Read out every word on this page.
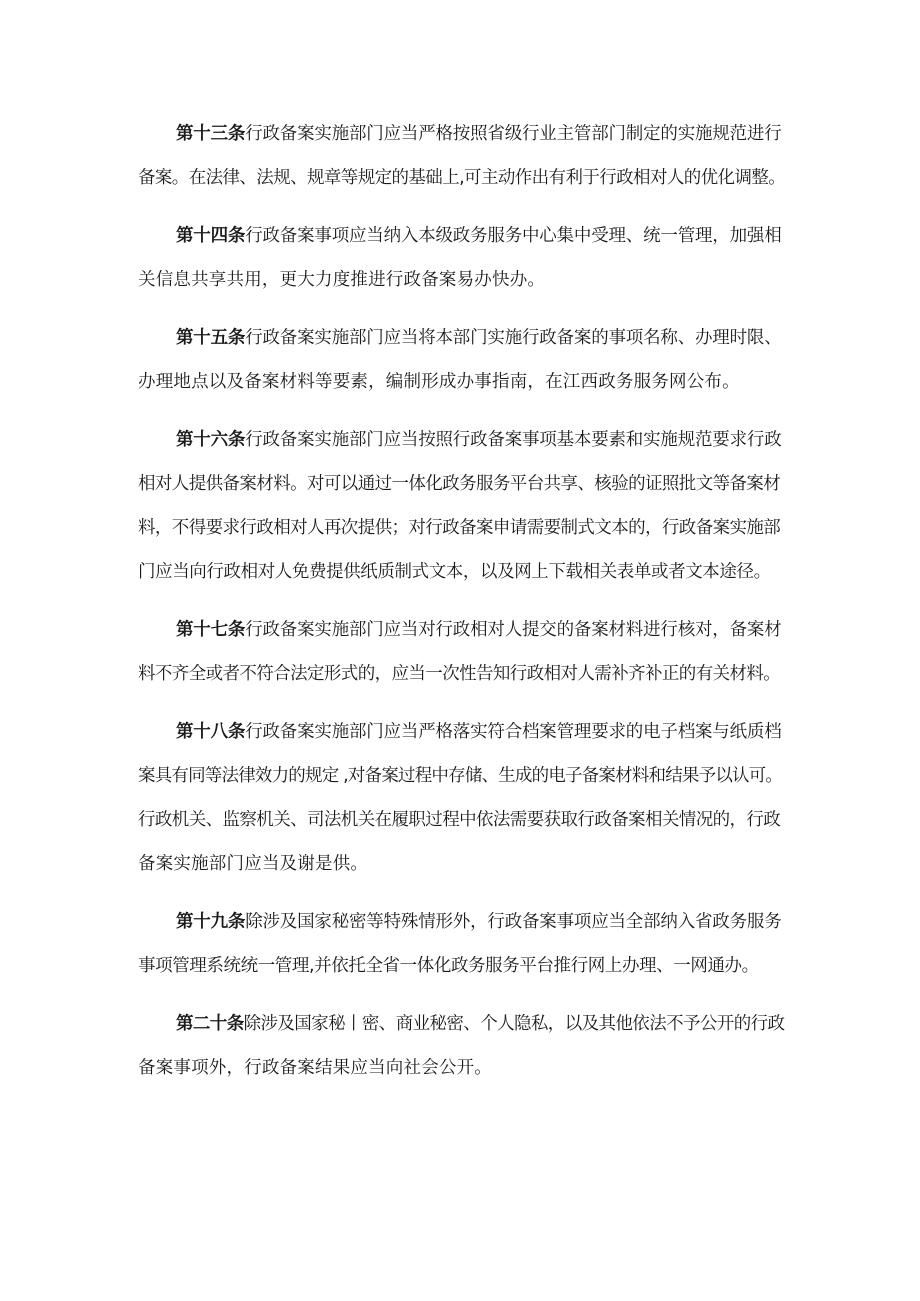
第十三条行政备案实施部门应当严格按照省级行业主管部门制定的实施规范进行
备案。在法律、法规、规章等规定的基础上,可主动作出有利于行政相对人的优化调整。
第十四条行政备案事项应当纳入本级政务服务中心集中受理、统一管理，加强相
关信息共享共用，更大力度推进行政备案易办快办。
第十五条行政备案实施部门应当将本部门实施行政备案的事项名称、办理时限、
办理地点以及备案材料等要素，编制形成办事指南，在江西政务服务网公布。
第十六条行政备案实施部门应当按照行政备案事项基本要素和实施规范要求行政
相对人提供备案材料。对可以通过一体化政务服务平台共享、核验的证照批文等备案材
料，不得要求行政相对人再次提供；对行政备案申请需要制式文本的，行政备案实施部
门应当向行政相对人免费提供纸质制式文本，以及网上下载相关表单或者文本途径。
第十七条行政备案实施部门应当对行政相对人提交的备案材料进行核对，备案材
料不齐全或者不符合法定形式的，应当一次性告知行政相对人需补齐补正的有关材料。
第十八条行政备案实施部门应当严格落实符合档案管理要求的电子档案与纸质档
案具有同等法律效力的规定 ,对备案过程中存储、生成的电子备案材料和结果予以认可。
行政机关、监察机关、司法机关在履职过程中依法需要获取行政备案相关情况的，行政
备案实施部门应当及谢是供。
第十九条除涉及国家秘密等特殊情形外，行政备案事项应当全部纳入省政务服务
事项管理系统统一管理,并依托全省一体化政务服务平台推行网上办理、一网通办。
第二十条除涉及国家秘丨密、商业秘密、个人隐私，以及其他依法不予公开的行政
备案事项外，行政备案结果应当向社会公开。
